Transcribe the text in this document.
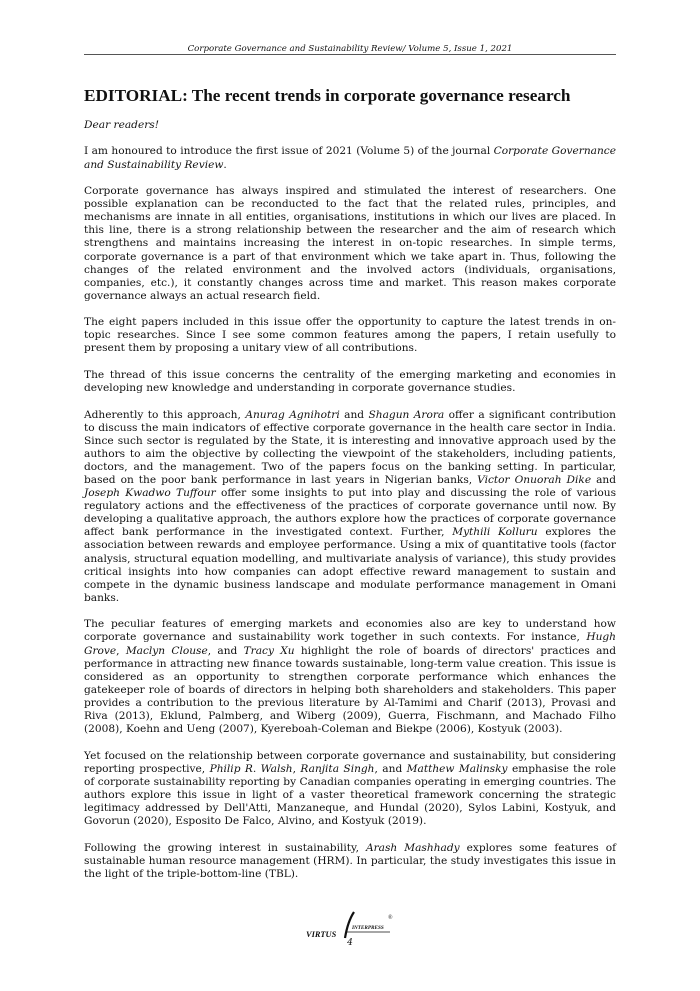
Corporate Governance and Sustainability Review/ Volume 5, Issue 1, 2021
EDITORIAL: The recent trends in corporate governance research

Dear readers!

I am honoured to introduce the first issue of 2021 (Volume 5) of the journal Corporate Governance and Sustainability Review.

Corporate governance has always inspired and stimulated the interest of researchers. One possible explanation can be reconducted to the fact that the related rules, principles, and mechanisms are innate in all entities, organisations, institutions in which our lives are placed. In this line, there is a strong relationship between the researcher and the aim of research which strengthens and maintains increasing the interest in on-topic researches. In simple terms, corporate governance is a part of that environment which we take apart in. Thus, following the changes of the related environment and the involved actors (individuals, organisations, companies, etc.), it constantly changes across time and market. This reason makes corporate governance always an actual research field.

The eight papers included in this issue offer the opportunity to capture the latest trends in on-topic researches. Since I see some common features among the papers, I retain usefully to present them by proposing a unitary view of all contributions.

The thread of this issue concerns the centrality of the emerging marketing and economies in developing new knowledge and understanding in corporate governance studies.

Adherently to this approach, Anurag Agnihotri and Shagun Arora offer a significant contribution to discuss the main indicators of effective corporate governance in the health care sector in India. Since such sector is regulated by the State, it is interesting and innovative approach used by the authors to aim the objective by collecting the viewpoint of the stakeholders, including patients, doctors, and the management. Two of the papers focus on the banking setting. In particular, based on the poor bank performance in last years in Nigerian banks, Victor Onuorah Dike and Joseph Kwadwo Tuffour offer some insights to put into play and discussing the role of various regulatory actions and the effectiveness of the practices of corporate governance until now. By developing a qualitative approach, the authors explore how the practices of corporate governance affect bank performance in the investigated context. Further, Mythili Kolluru explores the association between rewards and employee performance. Using a mix of quantitative tools (factor analysis, structural equation modelling, and multivariate analysis of variance), this study provides critical insights into how companies can adopt effective reward management to sustain and compete in the dynamic business landscape and modulate performance management in Omani banks.

The peculiar features of emerging markets and economies also are key to understand how corporate governance and sustainability work together in such contexts. For instance, Hugh Grove, Maclyn Clouse, and Tracy Xu highlight the role of boards of directors' practices and performance in attracting new finance towards sustainable, long-term value creation. This issue is considered as an opportunity to strengthen corporate performance which enhances the gatekeeper role of boards of directors in helping both shareholders and stakeholders. This paper provides a contribution to the previous literature by Al-Tamimi and Charif (2013), Provasi and Riva (2013), Eklund, Palmberg, and Wiberg (2009), Guerra, Fischmann, and Machado Filho (2008), Koehn and Ueng (2007), Kyereboah-Coleman and Biekpe (2006), Kostyuk (2003).

Yet focused on the relationship between corporate governance and sustainability, but considering reporting prospective, Philip R. Walsh, Ranjita Singh, and Matthew Malinsky emphasise the role of corporate sustainability reporting by Canadian companies operating in emerging countries. The authors explore this issue in light of a vaster theoretical framework concerning the strategic legitimacy addressed by Dell'Atti, Manzaneque, and Hundal (2020), Sylos Labini, Kostyuk, and Govorun (2020), Esposito De Falco, Alvino, and Kostyuk (2019).

Following the growing interest in sustainability, Arash Mashhady explores some features of sustainable human resource management (HRM). In particular, the study investigates this issue in the light of the triple-bottom-line (TBL).

INTERPRESS
®
VIRTUS
4
